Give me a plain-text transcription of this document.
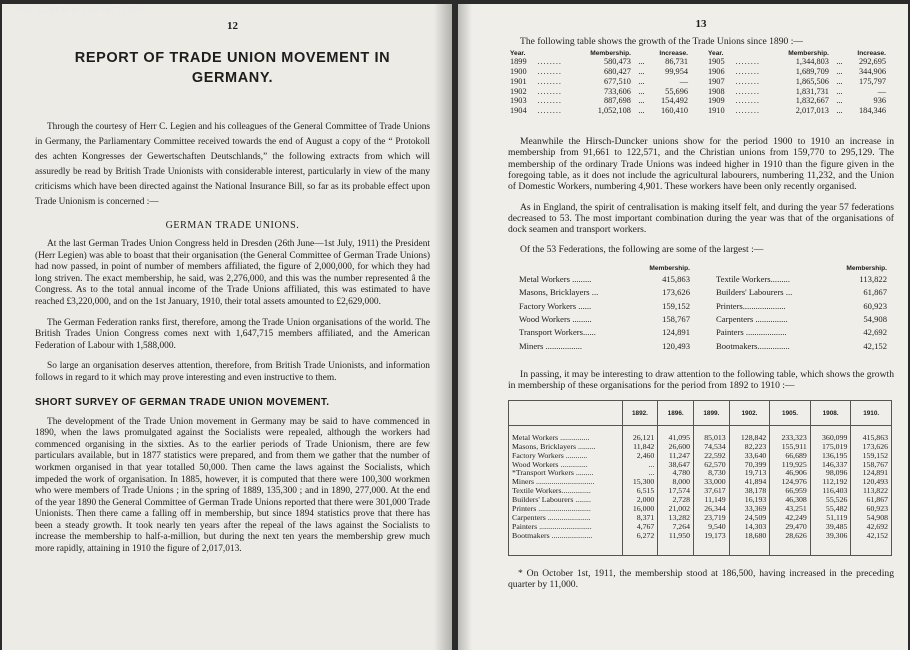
© TUC Library Collections
12
REPORT OF TRADE UNION MOVEMENT IN
GERMANY.

Through the courtesy of Herr C. Legien and his colleagues of the General Committee of Trade Unions in Germany, the Parliamentary Committee received towards the end of August a copy of the “ Protokoll des achten Kongresses der Gewertschaften Deutschlands,” the following extracts from which will assuredly be read by British Trade Unionists with considerable interest, particularly in view of the many criticisms which have been directed against the National Insurance Bill, so far as its probable effect upon Trade Unionism is concerned :—

GERMAN TRADE UNIONS.

At the last German Trades Union Congress held in Dresden (26th June—1st July, 1911) the President (Herr Legien) was able to boast that their organisation (the General Committee of German Trade Unions) had now passed, in point of number of members affiliated, the figure of 2,000,000, for which they had long striven. The exact membership, he said, was 2,276,000, and this was the number represented â the Congress. As to the total annual income of the Trade Unions affiliated, this was estimated to have reached £3,220,000, and on the 1st January, 1910, their total assets amounted to £2,629,000.

The German Federation ranks first, therefore, among the Trade Union organisations of the world. The British Trades Union Congress comes next with 1,647,715 members affiliated, and the American Federation of Labour with 1,588,000.

So large an organisation deserves attention, therefore, from British Trade Unionists, and information follows in regard to it which may prove interesting and even instructive to them.

SHORT SURVEY OF GERMAN TRADE UNION MOVEMENT.

The development of the Trade Union movement in Germany may be said to have commenced in 1890, when the laws promulgated against the Socialists were repealed, although the workers had commenced organising in the sixties. As to the earlier periods of Trade Unionism, there are few particulars available, but in 1877 statistics were prepared, and from them we gather that the number of workmen organised in that year totalled 50,000. Then came the laws against the Socialists, which impeded the work of organisation. In 1885, however, it is computed that there were 100,300 workmen who were members of Trade Unions ; in the spring of 1889, 135,300 ; and in 1890, 277,000. At the end of the year 1890 the General Committee of German Trade Unions reported that there were 301,000 Trade Unionists. Then there came a falling off in membership, but since 1894 statistics prove that there has been a steady growth. It took nearly ten years after the repeal of the laws against the Socialists to increase the membership to half-a-million, but during the next ten years the membership grew much more rapidly, attaining in 1910 the figure of 2,017,013.

13

The following table shows the growth of the Trade Unions since 1890 :—

Year.		Membership.		Increase.
1899	........	580,473	...	86,731
1900	........	680,427	...	99,954
1901	........	677,510	...	—
1902	........	733,606	...	55,696
1903	........	887,698	...	154,492
1904	........	1,052,108	...	160,410
Year.		Membership.		Increase.
1905	........	1,344,803	...	292,695
1906	........	1,689,709	...	344,906
1907	........	1,865,506	...	175,797
1908	........	1,831,731	...	—
1909	........	1,832,667	...	936
1910	........	2,017,013	...	184,346

Meanwhile the Hirsch-Duncker unions show for the period 1900 to 1910 an increase in membership from 91,661 to 122,571, and the Christian unions from 159,770 to 295,129. The membership of the ordinary Trade Unions was indeed higher in 1910 than the figure given in the foregoing table, as it does not include the agricultural labourers, numbering 11,232, and the Union of Domestic Workers, numbering 4,901. These workers have been only recently organised.

As in England, the spirit of centralisation is making itself felt, and during the year 57 federations decreased to 53. The most important combination during the year was that of the organisations of dock seamen and transport workers.

Of the 53 Federations, the following are some of the largest :—

	Membership.
Metal Workers .........	415,863
Masons, Bricklayers ...	173,626
Factory Workers ......	159,152
Wood Workers .........	158,767
Transport Workers......	124,891
Miners .................	120,493
	Membership.
Textile Workers.........	113,822
Builders' Labourers ...	61,867
Printers....................	60,923
Carpenters ...............	54,908
Painters ...................	42,692
Bootmakers...............	42,152

In passing, it may be interesting to draw attention to the following table, which shows the growth in membership of these organisations for the period from 1892 to 1910 :—

	1892.	1896.	1899.	1902.	1905.	1908.	1910.
Metal Workers ...............	26,121	41,095	85,013	128,842	233,323	360,099	415,863
Masons, Bricklayers .........	11,842	26,600	74,534	82,223	155,911	175,019	173,626
Factory Workers ...........	2,460	11,247	22,592	33,640	66,689	136,195	159,152
Wood Workers ..............	...	38,647	62,570	70,399	119,925	146,337	158,767
*Transport Workers .........	...	4,780	8,730	19,713	46,906	98,096	124,891
Miners ..............................	15,300	8,000	33,000	41,894	124,976	112,192	120,493
Textile Workers...............	6,515	17,574	37,617	38,178	66,959	116,403	113,822
Builders' Labourers ........	2,000	2,728	11,149	16,193	46,308	55,526	61,867
Printers ...........................	16,000	21,002	26,344	33,369	43,251	55,482	60,923
Carpenters ......................	8,371	13,282	23,719	24,509	42,249	51,119	54,908
Painters ...........................	4,767	7,264	9,540	14,303	29,470	39,485	42,692
Bootmakers .....................	6,272	11,950	19,173	18,680	28,626	39,306	42,152

* On October 1st, 1911, the membership stood at 186,500, having increased in the preceding quarter by 11,000.
